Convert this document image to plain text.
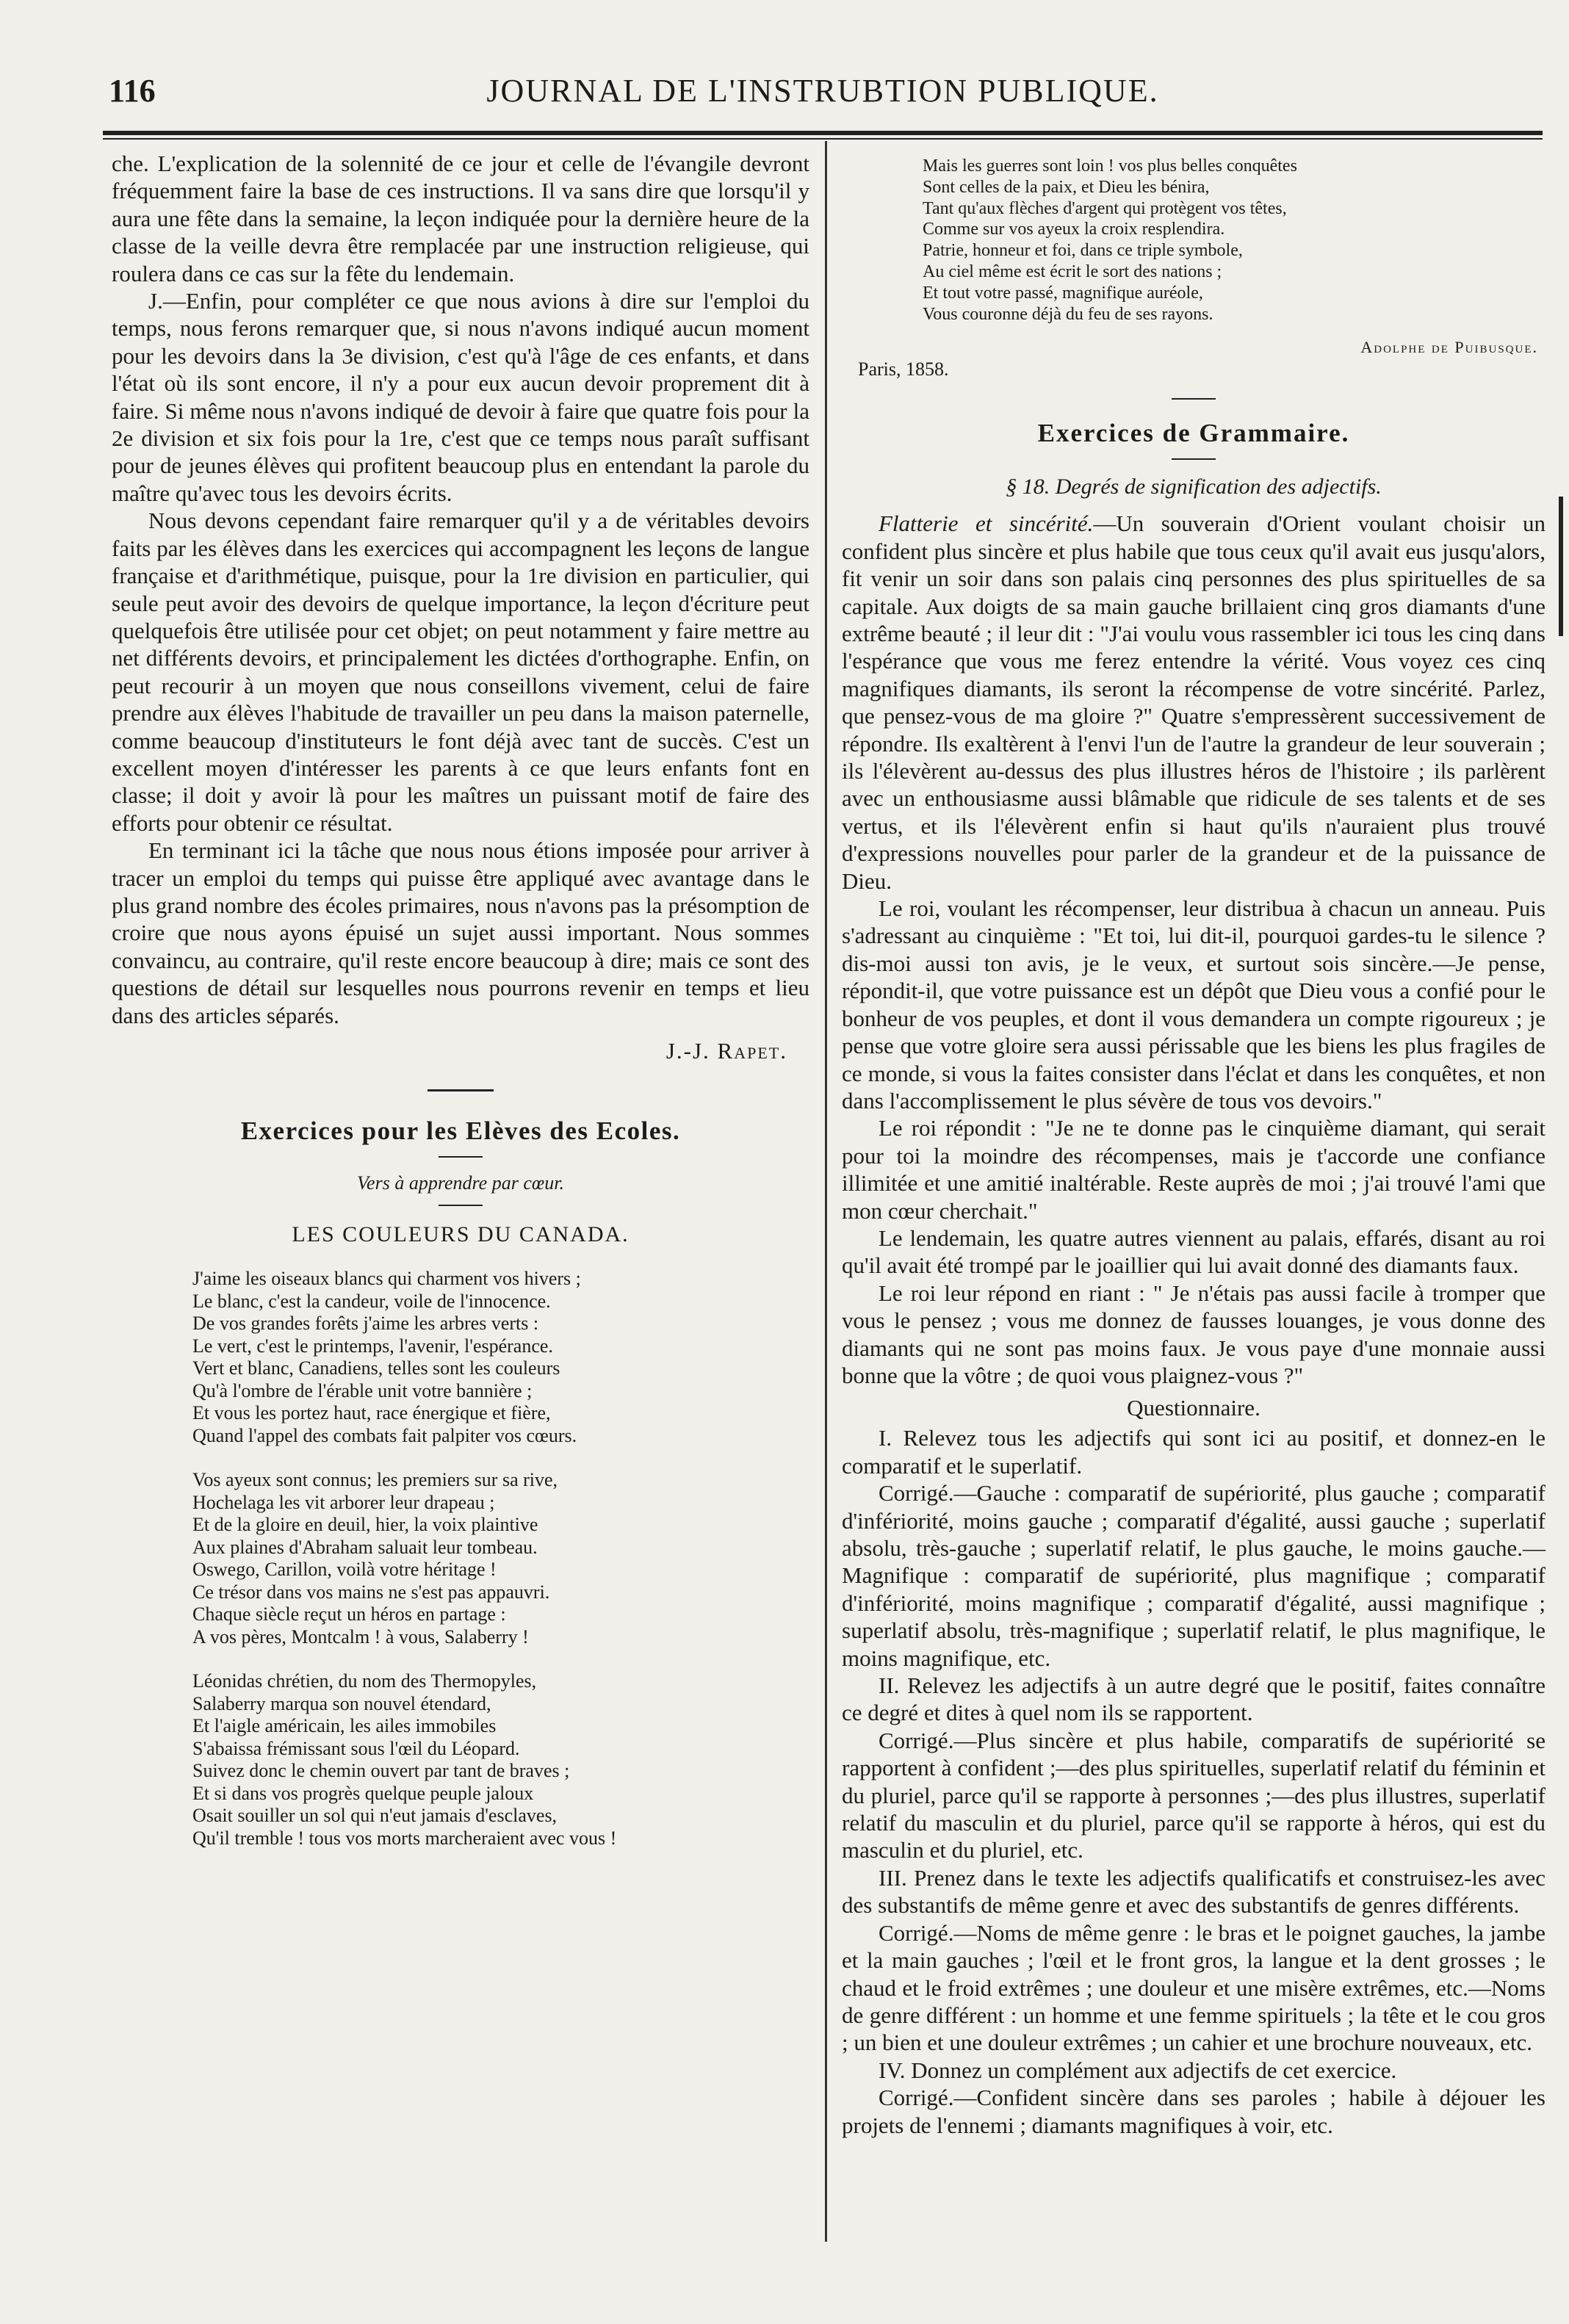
116	JOURNAL DE L'INSTRUBTION PUBLIQUE.

che. L'explication de la solennité de ce jour et celle de l'évangile devront fréquemment faire la base de ces instructions. Il va sans dire que lorsqu'il y aura une fête dans la semaine, la leçon indiquée pour la dernière heure de la classe de la veille devra être remplacée par une instruction religieuse, qui roulera dans ce cas sur la fête du lendemain.

J.—Enfin, pour compléter ce que nous avions à dire sur l'emploi du temps, nous ferons remarquer que, si nous n'avons indiqué aucun moment pour les devoirs dans la 3e division, c'est qu'à l'âge de ces enfants, et dans l'état où ils sont encore, il n'y a pour eux aucun devoir proprement dit à faire. Si même nous n'avons indiqué de devoir à faire que quatre fois pour la 2e division et six fois pour la 1re, c'est que ce temps nous paraît suffisant pour de jeunes élèves qui profitent beaucoup plus en entendant la parole du maître qu'avec tous les devoirs écrits.

Nous devons cependant faire remarquer qu'il y a de véritables devoirs faits par les élèves dans les exercices qui accompagnent les leçons de langue française et d'arithmétique, puisque, pour la 1re division en particulier, qui seule peut avoir des devoirs de quelque importance, la leçon d'écriture peut quelquefois être utilisée pour cet objet; on peut notamment y faire mettre au net différents devoirs, et principalement les dictées d'orthographe. Enfin, on peut recourir à un moyen que nous conseillons vivement, celui de faire prendre aux élèves l'habitude de travailler un peu dans la maison paternelle, comme beaucoup d'instituteurs le font déjà avec tant de succès. C'est un excellent moyen d'intéresser les parents à ce que leurs enfants font en classe; il doit y avoir là pour les maîtres un puissant motif de faire des efforts pour obtenir ce résultat.

En terminant ici la tâche que nous nous étions imposée pour arriver à tracer un emploi du temps qui puisse être appliqué avec avantage dans le plus grand nombre des écoles primaires, nous n'avons pas la présomption de croire que nous ayons épuisé un sujet aussi important. Nous sommes convaincu, au contraire, qu'il reste encore beaucoup à dire; mais ce sont des questions de détail sur lesquelles nous pourrons revenir en temps et lieu dans des articles séparés.

J.-J. Rapet.
Exercices pour les Elèves des Ecoles.

Vers à apprendre par cœur.

LES COULEURS DU CANADA.
J'aime les oiseaux blancs qui charment vos hivers ;
Le blanc, c'est la candeur, voile de l'innocence.
De vos grandes forêts j'aime les arbres verts :
Le vert, c'est le printemps, l'avenir, l'espérance.
Vert et blanc, Canadiens, telles sont les couleurs
Qu'à l'ombre de l'érable unit votre bannière ;
Et vous les portez haut, race énergique et fière,
Quand l'appel des combats fait palpiter vos cœurs.
Vos ayeux sont connus; les premiers sur sa rive,
Hochelaga les vit arborer leur drapeau ;
Et de la gloire en deuil, hier, la voix plaintive
Aux plaines d'Abraham saluait leur tombeau.
Oswego, Carillon, voilà votre héritage !
Ce trésor dans vos mains ne s'est pas appauvri.
Chaque siècle reçut un héros en partage :
A vos pères, Montcalm ! à vous, Salaberry !
Léonidas chrétien, du nom des Thermopyles,
Salaberry marqua son nouvel étendard,
Et l'aigle américain, les ailes immobiles
S'abaissa frémissant sous l'œil du Léopard.
Suivez donc le chemin ouvert par tant de braves ;
Et si dans vos progrès quelque peuple jaloux
Osait souiller un sol qui n'eut jamais d'esclaves,
Qu'il tremble ! tous vos morts marcheraient avec vous !
Mais les guerres sont loin ! vos plus belles conquêtes
Sont celles de la paix, et Dieu les bénira,
Tant qu'aux flèches d'argent qui protègent vos têtes,
Comme sur vos ayeux la croix resplendira.
Patrie, honneur et foi, dans ce triple symbole,
Au ciel même est écrit le sort des nations ;
Et tout votre passé, magnifique auréole,
Vous couronne déjà du feu de ses rayons.
Paris, 1858.
Adolphe de Puibusque.
Exercices de Grammaire.
§ 18. Degrés de signification des adjectifs.

Flatterie et sincérité.—Un souverain d'Orient voulant choisir un confident plus sincère et plus habile que tous ceux qu'il avait eus jusqu'alors, fit venir un soir dans son palais cinq personnes des plus spirituelles de sa capitale. Aux doigts de sa main gauche brillaient cinq gros diamants d'une extrême beauté ; il leur dit : "J'ai voulu vous rassembler ici tous les cinq dans l'espérance que vous me ferez entendre la vérité. Vous voyez ces cinq magnifiques diamants, ils seront la récompense de votre sincérité. Parlez, que pensez-vous de ma gloire ?" Quatre s'empressèrent successivement de répondre. Ils exaltèrent à l'envi l'un de l'autre la grandeur de leur souverain ; ils l'élevèrent au-dessus des plus illustres héros de l'histoire ; ils parlèrent avec un enthousiasme aussi blâmable que ridicule de ses talents et de ses vertus, et ils l'élevèrent enfin si haut qu'ils n'auraient plus trouvé d'expressions nouvelles pour parler de la grandeur et de la puissance de Dieu.

Le roi, voulant les récompenser, leur distribua à chacun un anneau. Puis s'adressant au cinquième : "Et toi, lui dit-il, pourquoi gardes-tu le silence ? dis-moi aussi ton avis, je le veux, et surtout sois sincère.—Je pense, répondit-il, que votre puissance est un dépôt que Dieu vous a confié pour le bonheur de vos peuples, et dont il vous demandera un compte rigoureux ; je pense que votre gloire sera aussi périssable que les biens les plus fragiles de ce monde, si vous la faites consister dans l'éclat et dans les conquêtes, et non dans l'accomplissement le plus sévère de tous vos devoirs."

Le roi répondit : "Je ne te donne pas le cinquième diamant, qui serait pour toi la moindre des récompenses, mais je t'accorde une confiance illimitée et une amitié inaltérable. Reste auprès de moi ; j'ai trouvé l'ami que mon cœur cherchait."

Le lendemain, les quatre autres viennent au palais, effarés, disant au roi qu'il avait été trompé par le joaillier qui lui avait donné des diamants faux.

Le roi leur répond en riant : " Je n'étais pas aussi facile à tromper que vous le pensez ; vous me donnez de fausses louanges, je vous donne des diamants qui ne sont pas moins faux. Je vous paye d'une monnaie aussi bonne que la vôtre ; de quoi vous plaignez-vous ?"

Questionnaire.

I. Relevez tous les adjectifs qui sont ici au positif, et donnez-en le comparatif et le superlatif.

Corrigé.—Gauche : comparatif de supériorité, plus gauche ; comparatif d'infériorité, moins gauche ; comparatif d'égalité, aussi gauche ; superlatif absolu, très-gauche ; superlatif relatif, le plus gauche, le moins gauche.—Magnifique : comparatif de supériorité, plus magnifique ; comparatif d'infériorité, moins magnifique ; comparatif d'égalité, aussi magnifique ; superlatif absolu, très-magnifique ; superlatif relatif, le plus magnifique, le moins magnifique, etc.

II. Relevez les adjectifs à un autre degré que le positif, faites connaître ce degré et dites à quel nom ils se rapportent.

Corrigé.—Plus sincère et plus habile, comparatifs de supériorité se rapportent à confident ;—des plus spirituelles, superlatif relatif du féminin et du pluriel, parce qu'il se rapporte à personnes ;—des plus illustres, superlatif relatif du masculin et du pluriel, parce qu'il se rapporte à héros, qui est du masculin et du pluriel, etc.

III. Prenez dans le texte les adjectifs qualificatifs et construisez-les avec des substantifs de même genre et avec des substantifs de genres différents.

Corrigé.—Noms de même genre : le bras et le poignet gauches, la jambe et la main gauches ; l'œil et le front gros, la langue et la dent grosses ; le chaud et le froid extrêmes ; une douleur et une misère extrêmes, etc.—Noms de genre différent : un homme et une femme spirituels ; la tête et le cou gros ; un bien et une douleur extrêmes ; un cahier et une brochure nouveaux, etc.

IV. Donnez un complément aux adjectifs de cet exercice.

Corrigé.—Confident sincère dans ses paroles ; habile à déjouer les projets de l'ennemi ; diamants magnifiques à voir, etc.
